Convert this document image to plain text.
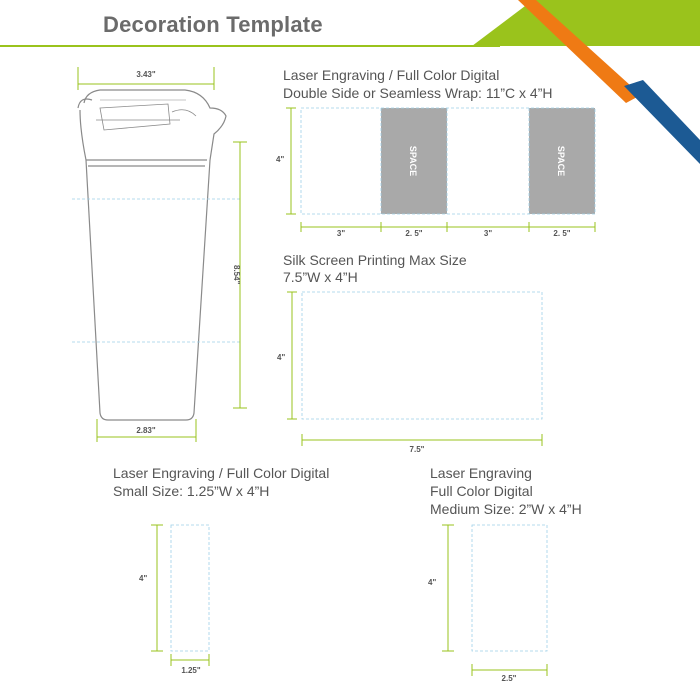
SPACE	SPACE
Decoration Template
3.43"
8.54"
2.83"
Laser Engraving / Full Color Digital
Double Side or Seamless Wrap: 11”C x 4”H
4"
3"	2. 5"	3"	2. 5"
Silk Screen Printing Max Size
7.5”W x 4”H
4"
7.5"
Laser Engraving / Full Color Digital
Small Size: 1.25”W x 4”H
4"
1.25"
Laser Engraving
Full Color Digital
Medium Size: 2”W x 4”H
4"
2.5"
